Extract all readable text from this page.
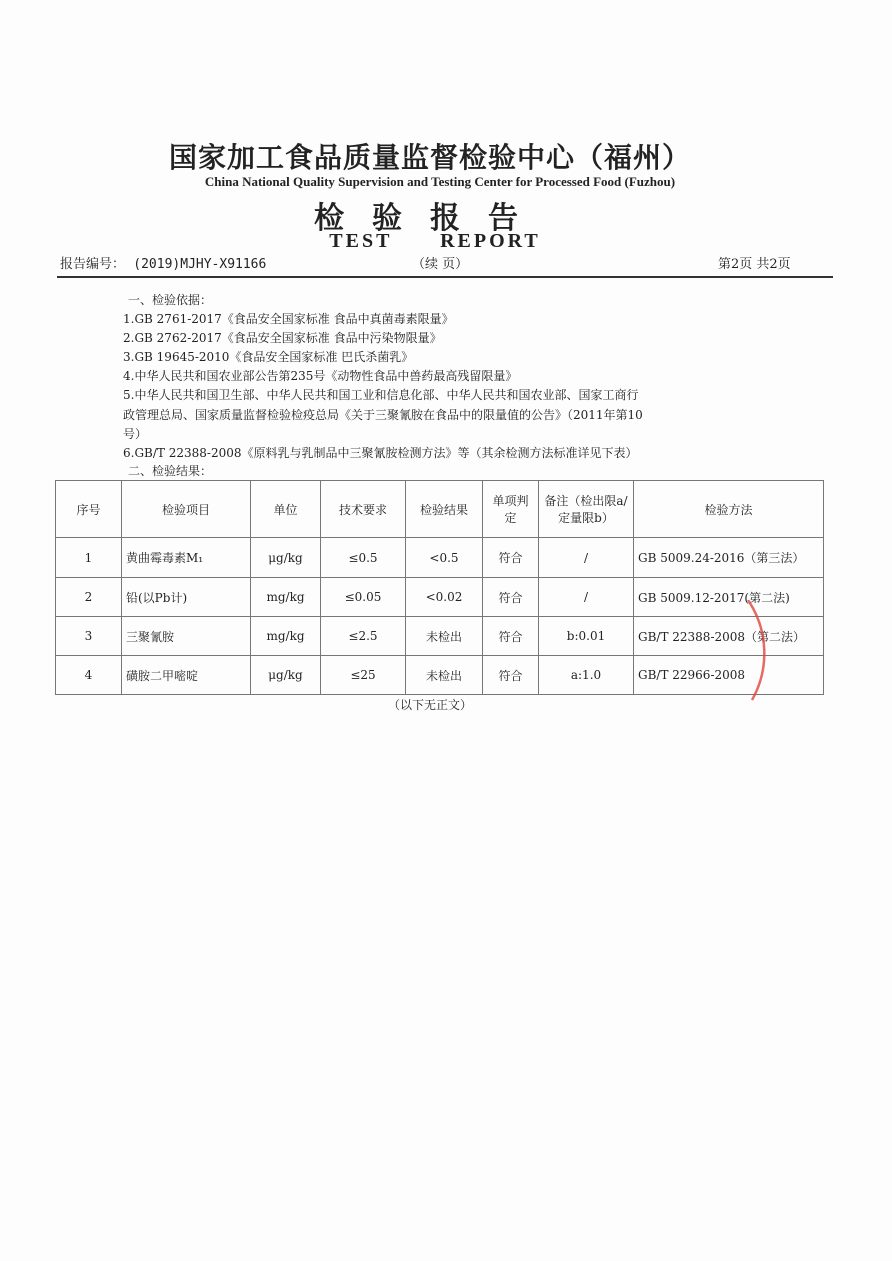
国家加工食品质量监督检验中心（福州）
China National Quality Supervision and Testing Center for Processed Food (Fuzhou)
检验报告
TEST REPORT
报告编号： (2019)MJHY-X91166	（续 页）	第2页 共2页
一、检验依据：
1.GB 2761-2017《食品安全国家标准 食品中真菌毒素限量》
2.GB 2762-2017《食品安全国家标准 食品中污染物限量》
3.GB 19645-2010《食品安全国家标准 巴氏杀菌乳》
4.中华人民共和国农业部公告第235号《动物性食品中兽药最高残留限量》
5.中华人民共和国卫生部、中华人民共和国工业和信息化部、中华人民共和国农业部、国家工商行
政管理总局、国家质量监督检验检疫总局《关于三聚氰胺在食品中的限量值的公告》（2011年第10
号）
6.GB/T 22388-2008《原料乳与乳制品中三聚氰胺检测方法》等（其余检测方法标准详见下表）
二、检验结果：
序号	检验项目	单位	技术要求	检验结果	单项判定	备注（检出限a/定量限b）	检验方法
1	黄曲霉毒素M₁	μg/kg	≤0.5	<0.5	符合	/	GB 5009.24-2016（第三法）
2	铅(以Pb计)	mg/kg	≤0.05	<0.02	符合	/	GB 5009.12-2017(第二法)
3	三聚氰胺	mg/kg	≤2.5	未检出	符合	b:0.01	GB/T 22388-2008（第二法）
4	磺胺二甲嘧啶	μg/kg	≤25	未检出	符合	a:1.0	GB/T 22966-2008
（以下无正文）
